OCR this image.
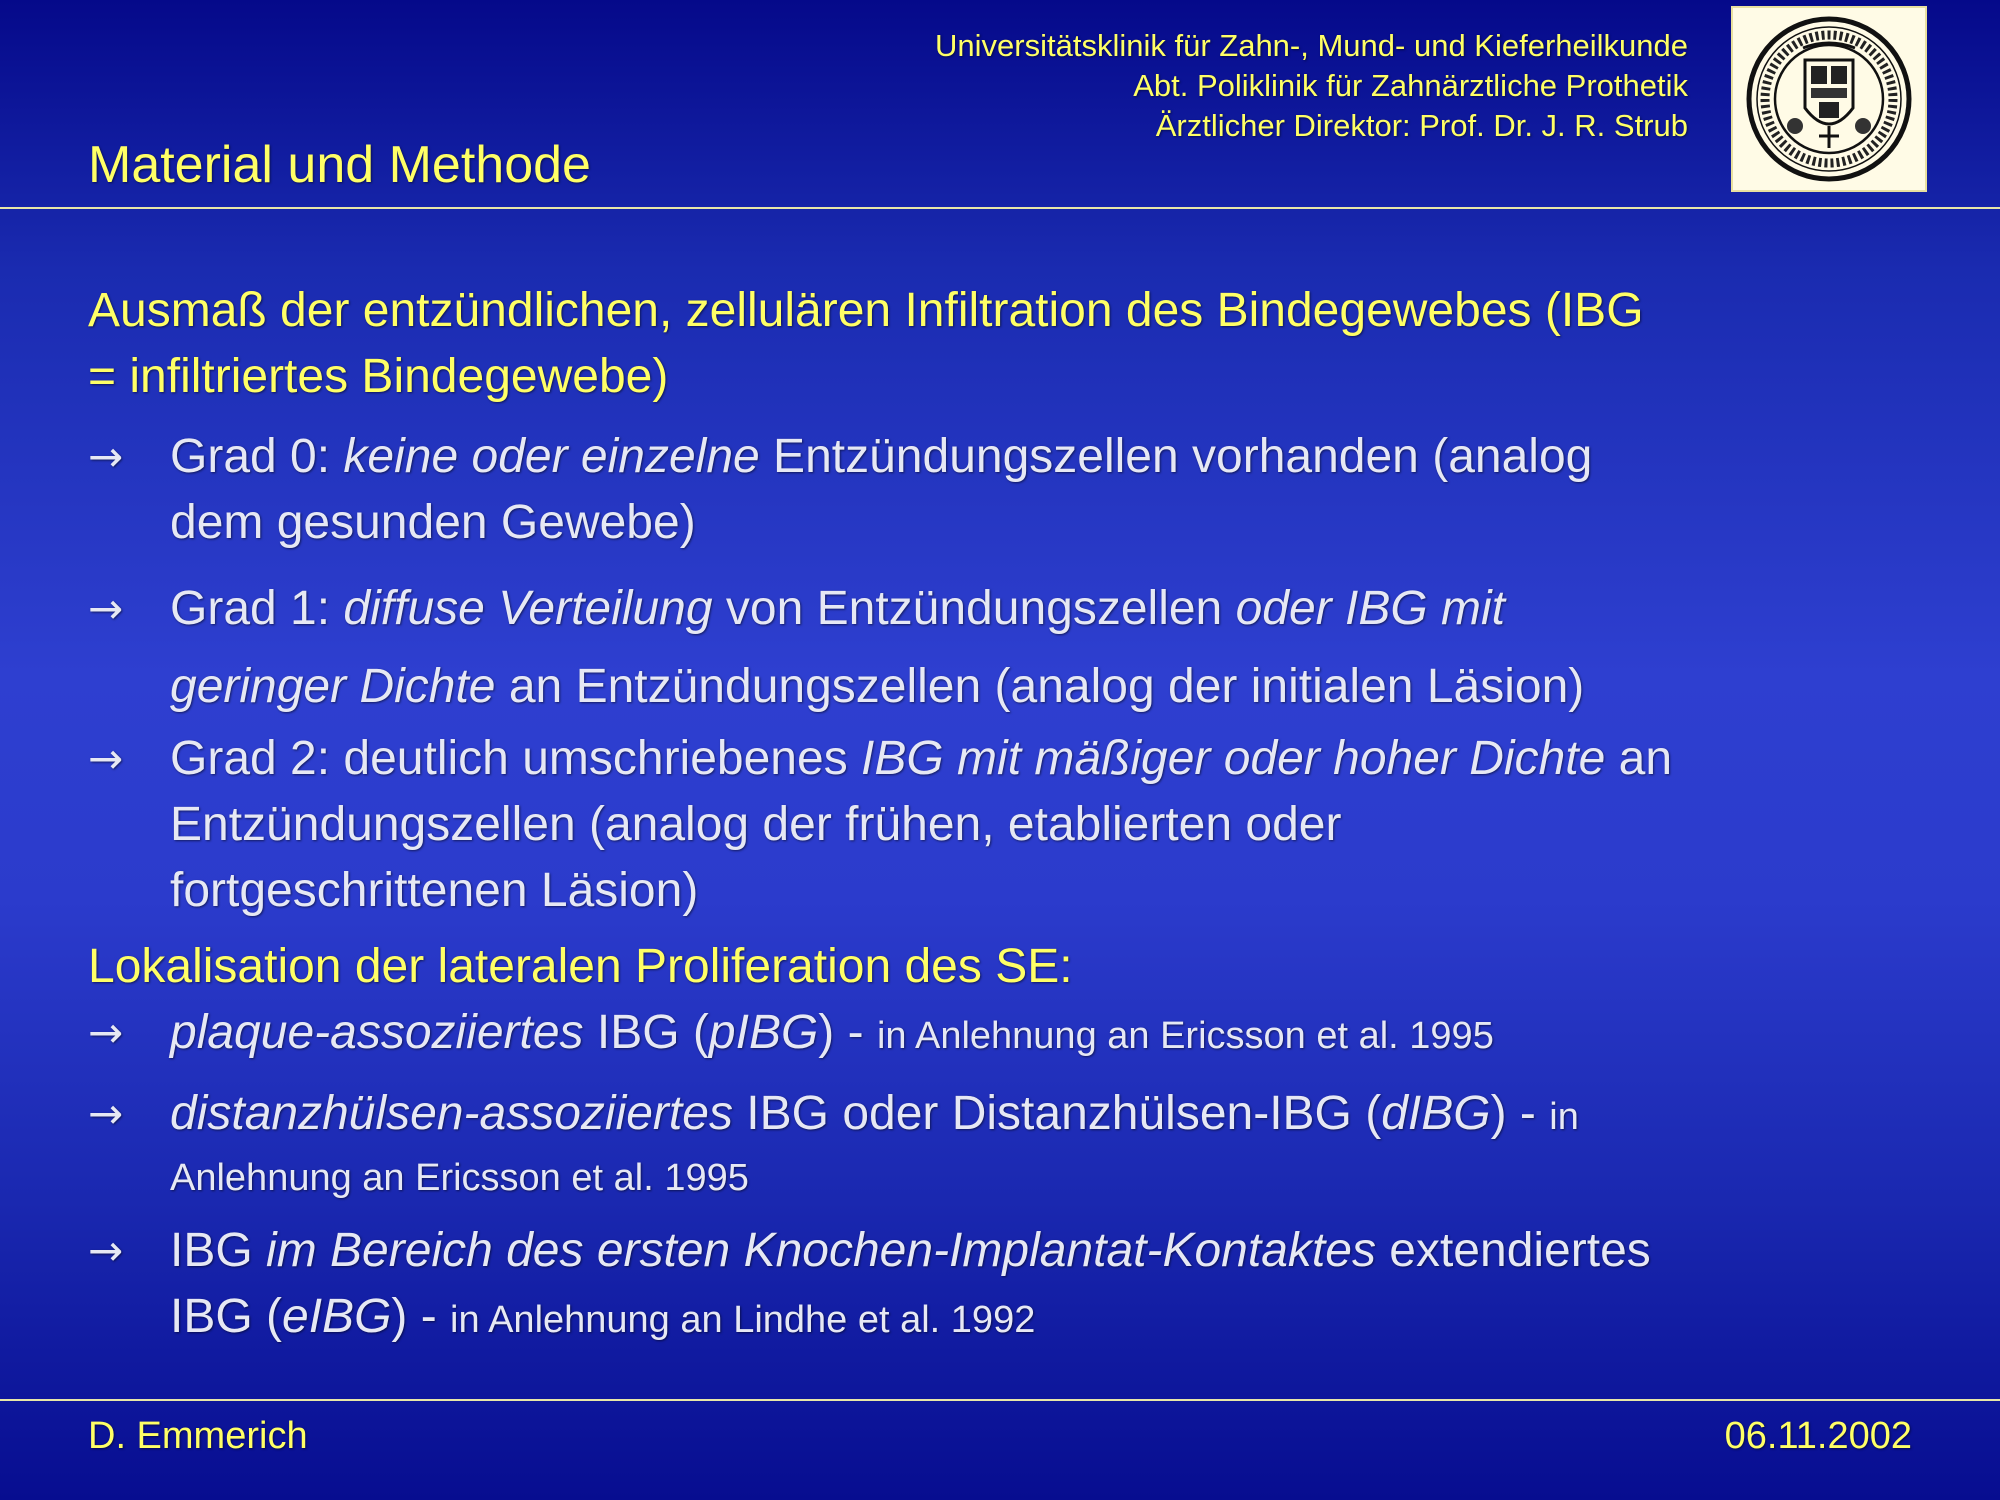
Universitätsklinik für Zahn-, Mund- und Kieferheilkunde
Abt. Poliklinik für Zahnärztliche Prothetik
Ärztlicher Direktor: Prof. Dr. J. R. Strub
Material und Methode
Ausmaß der entzündlichen, zellulären Infiltration des Bindegewebes (IBG
= infiltriertes Bindegewebe)
→ Grad 0: keine oder einzelne Entzündungszellen vorhanden (analog
dem gesunden Gewebe)
→ Grad 1: diffuse Verteilung von Entzündungszellen oder IBG mit
geringer Dichte an Entzündungszellen (analog der initialen Läsion)
→ Grad 2: deutlich umschriebenes IBG mit mäßiger oder hoher Dichte an
Entzündungszellen (analog der frühen, etablierten oder
fortgeschrittenen Läsion)
Lokalisation der lateralen Proliferation des SE:
→ plaque-assoziiertes IBG (pIBG) - in Anlehnung an Ericsson et al. 1995
→ distanzhülsen-assoziiertes IBG oder Distanzhülsen-IBG (dIBG) - in
Anlehnung an Ericsson et al. 1995
→ IBG im Bereich des ersten Knochen-Implantat-Kontaktes extendiertes
IBG (eIBG) - in Anlehnung an Lindhe et al. 1992
D. Emmerich	06.11.2002
